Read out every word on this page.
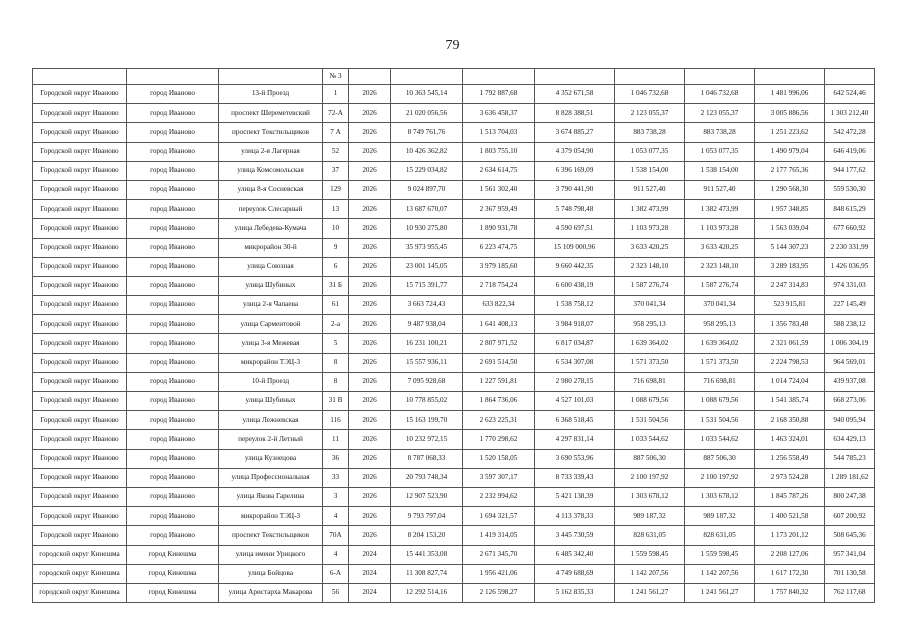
79
			№ 3								
Городской округ Иваново	город Иваново	13-й Проезд	1	2026	10 363 545,14	1 792 887,68	4 352 671,58	1 046 732,68	1 046 732,68	1 481 996,06	642 524,46
Городской округ Иваново	город Иваново	проспект Шереметевский	72-А	2026	21 020 056,56	3 636 458,37	8 828 388,51	2 123 055,37	2 123 055,37	3 005 886,56	1 303 212,40
Городской округ Иваново	город Иваново	проспект Текстильщиков	7 А	2026	8 749 761,76	1 513 704,03	3 674 885,27	883 738,28	883 738,28	1 251 223,62	542 472,28
Городской округ Иваново	город Иваново	улица 2-я Лагерная	52	2026	10 426 362,82	1 803 755,10	4 379 054,90	1 053 077,35	1 053 077,35	1 490 979,04	646 419,06
Городской округ Иваново	город Иваново	улица Комсомольская	37	2026	15 229 034,82	2 634 614,75	6 396 169,09	1 538 154,00	1 538 154,00	2 177 765,36	944 177,62
Городской округ Иваново	город Иваново	улица 8-я Сосневская	129	2026	9 024 897,70	1 561 302,40	3 790 441,90	911 527,40	911 527,40	1 290 568,30	559 530,30
Городской округ Иваново	город Иваново	переулок Слесарный	13	2026	13 687 670,07	2 367 959,49	5 748 798,48	1 382 473,99	1 382 473,99	1 957 348,85	848 615,29
Городской округ Иваново	город Иваново	улица Лебедева-Кумача	10	2026	10 930 275,80	1 890 931,78	4 590 697,51	1 103 973,28	1 103 973,28	1 563 039,04	677 660,92
Городской округ Иваново	город Иваново	микрорайон 30-й	9	2026	35 973 955,45	6 223 474,75	15 109 000,96	3 633 420,25	3 633 420,25	5 144 307,23	2 230 331,99
Городской округ Иваново	город Иваново	улица Союзная	6	2026	23 001 145,05	3 979 185,60	9 660 442,35	2 323 148,10	2 323 148,10	3 289 183,95	1 426 036,95
Городской округ Иваново	город Иваново	улица Шубиных	31 Б	2026	15 715 391,77	2 718 754,24	6 600 438,19	1 587 276,74	1 587 276,74	2 247 314,83	974 331,03
Городской округ Иваново	город Иваново	улица 2-я Чапаева	61	2026	3 663 724,43	633 822,34	1 538 758,12	370 041,34	370 041,34	523 915,81	227 145,49
Городской округ Иваново	город Иваново	улица Сарментовой	2-а	2026	9 487 938,04	1 641 408,13	3 984 918,07	958 295,13	958 295,13	1 356 783,48	588 238,12
Городской округ Иваново	город Иваново	улица 3-я Межевая	5	2026	16 231 100,21	2 807 971,52	6 817 034,87	1 639 364,02	1 639 364,02	2 321 061,59	1 006 304,19
Городской округ Иваново	город Иваново	микрорайон ТЭЦ-3	8	2026	15 557 936,11	2 691 514,50	6 534 307,08	1 571 373,50	1 571 373,50	2 224 798,53	964 569,01
Городской округ Иваново	город Иваново	10-й Проезд	8	2026	7 095 928,68	1 227 591,81	2 980 278,15	716 698,81	716 698,81	1 014 724,04	439 937,08
Городской округ Иваново	город Иваново	улица Шубиных	31 В	2026	10 778 855,02	1 864 736,06	4 527 101,03	1 088 679,56	1 088 679,56	1 541 385,74	668 273,06
Городской округ Иваново	город Иваново	улица Лежневская	116	2026	15 163 199,70	2 623 225,31	6 368 518,45	1 531 504,56	1 531 504,56	2 168 350,88	940 095,94
Городской округ Иваново	город Иваново	переулок 2-й Летный	11	2026	10 232 972,15	1 770 298,62	4 297 831,14	1 033 544,62	1 033 544,62	1 463 324,01	634 429,13
Городской округ Иваново	город Иваново	улица Кузнецова	36	2026	8 787 068,33	1 520 158,05	3 690 553,96	887 506,30	887 506,30	1 256 558,49	544 785,23
Городской округ Иваново	город Иваново	улица Профессиональная	33	2026	20 793 748,34	3 597 307,17	8 733 339,43	2 100 197,92	2 100 197,92	2 973 524,28	1 289 181,62
Городской округ Иваново	город Иваново	улица Якова Гарелина	3	2026	12 907 523,90	2 232 994,62	5 421 138,39	1 303 678,12	1 303 678,12	1 845 787,26	800 247,38
Городской округ Иваново	город Иваново	микрорайон ТЭЦ-3	4	2026	9 793 797,04	1 694 321,57	4 113 378,33	989 187,32	989 187,32	1 400 521,58	607 200,92
Городской округ Иваново	город Иваново	проспект Текстильщиков	70А	2026	8 204 153,20	1 419 314,05	3 445 730,59	828 631,05	828 631,05	1 173 201,12	508 645,36
городской округ Кинешма	город Кинешма	улица имени Урицкого	4	2024	15 441 353,08	2 671 345,70	6 485 342,40	1 559 598,45	1 559 598,45	2 208 127,06	957 341,04
городской округ Кинешма	город Кинешма	улица Бойцова	6-А	2024	11 308 827,74	1 956 421,06	4 749 688,69	1 142 207,56	1 142 207,56	1 617 172,30	701 130,58
городской округ Кинешма	город Кинешма	улица Аристарха Макарова	56	2024	12 292 514,16	2 126 598,27	5 162 835,33	1 241 561,27	1 241 561,27	1 757 840,32	762 117,68
